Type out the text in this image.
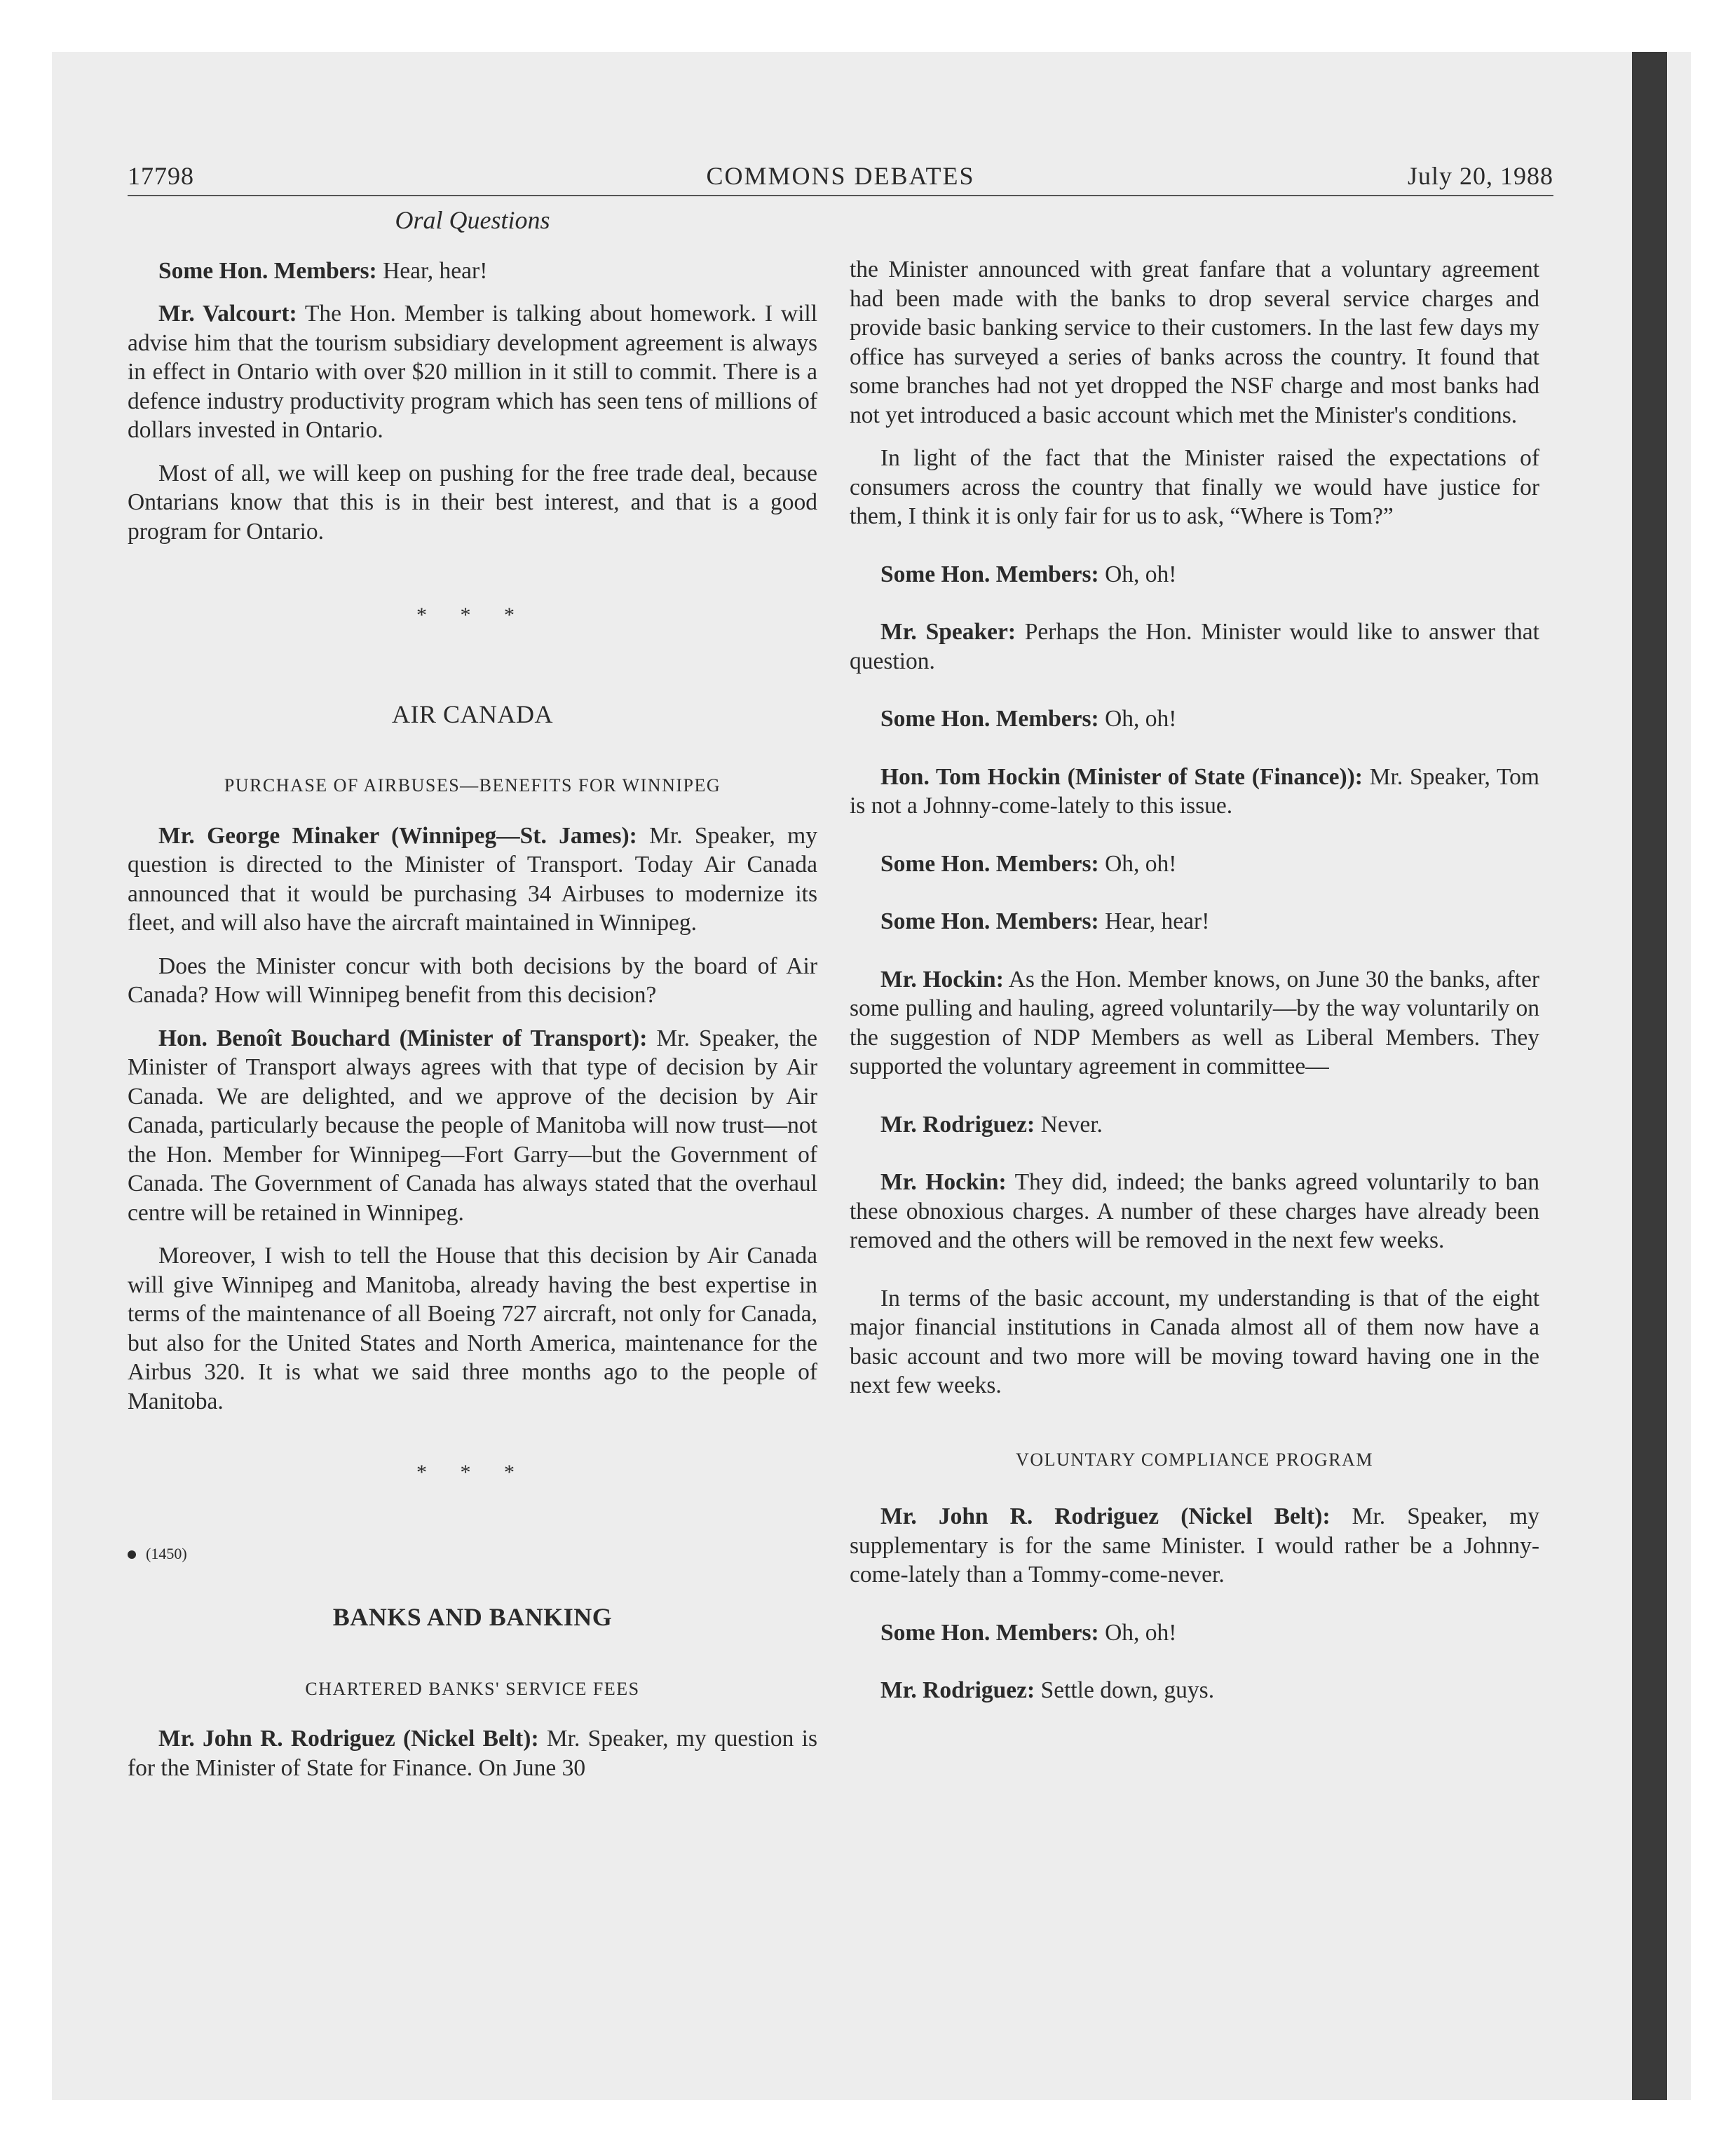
17798	COMMONS DEBATES	July 20, 1988
Oral Questions

Some Hon. Members: Hear, hear!

Mr. Valcourt: The Hon. Member is talking about homework. I will advise him that the tourism subsidiary development agreement is always in effect in Ontario with over $20 million in it still to commit. There is a defence industry productivity program which has seen tens of millions of dollars invested in Ontario.

Most of all, we will keep on pushing for the free trade deal, because Ontarians know that this is in their best interest, and that is a good program for Ontario.

* * *
AIR CANADA
PURCHASE OF AIRBUSES—BENEFITS FOR WINNIPEG

Mr. George Minaker (Winnipeg—St. James): Mr. Speaker, my question is directed to the Minister of Transport. Today Air Canada announced that it would be purchasing 34 Airbuses to modernize its fleet, and will also have the aircraft maintained in Winnipeg.

Does the Minister concur with both decisions by the board of Air Canada? How will Winnipeg benefit from this decision?

Hon. Benoît Bouchard (Minister of Transport): Mr. Speaker, the Minister of Transport always agrees with that type of decision by Air Canada. We are delighted, and we approve of the decision by Air Canada, particularly because the people of Manitoba will now trust—not the Hon. Member for Winnipeg—Fort Garry—but the Government of Canada. The Government of Canada has always stated that the overhaul centre will be retained in Winnipeg.

Moreover, I wish to tell the House that this decision by Air Canada will give Winnipeg and Manitoba, already having the best expertise in terms of the maintenance of all Boeing 727 aircraft, not only for Canada, but also for the United States and North America, maintenance for the Airbus 320. It is what we said three months ago to the people of Manitoba.

* * *
(1450)
BANKS AND BANKING
CHARTERED BANKS' SERVICE FEES

Mr. John R. Rodriguez (Nickel Belt): Mr. Speaker, my question is for the Minister of State for Finance. On June 30

the Minister announced with great fanfare that a voluntary agreement had been made with the banks to drop several service charges and provide basic banking service to their customers. In the last few days my office has surveyed a series of banks across the country. It found that some branches had not yet dropped the NSF charge and most banks had not yet introduced a basic account which met the Minister's conditions.

In light of the fact that the Minister raised the expectations of consumers across the country that finally we would have justice for them, I think it is only fair for us to ask, “Where is Tom?”

Some Hon. Members: Oh, oh!

Mr. Speaker: Perhaps the Hon. Minister would like to answer that question.

Some Hon. Members: Oh, oh!

Hon. Tom Hockin (Minister of State (Finance)): Mr. Speaker, Tom is not a Johnny-come-lately to this issue.

Some Hon. Members: Oh, oh!

Some Hon. Members: Hear, hear!

Mr. Hockin: As the Hon. Member knows, on June 30 the banks, after some pulling and hauling, agreed voluntarily—by the way voluntarily on the suggestion of NDP Members as well as Liberal Members. They supported the voluntary agreement in committee—

Mr. Rodriguez: Never.

Mr. Hockin: They did, indeed; the banks agreed voluntarily to ban these obnoxious charges. A number of these charges have already been removed and the others will be removed in the next few weeks.

In terms of the basic account, my understanding is that of the eight major financial institutions in Canada almost all of them now have a basic account and two more will be moving toward having one in the next few weeks.

VOLUNTARY COMPLIANCE PROGRAM

Mr. John R. Rodriguez (Nickel Belt): Mr. Speaker, my supplementary is for the same Minister. I would rather be a Johnny-come-lately than a Tommy-come-never.

Some Hon. Members: Oh, oh!

Mr. Rodriguez: Settle down, guys.
